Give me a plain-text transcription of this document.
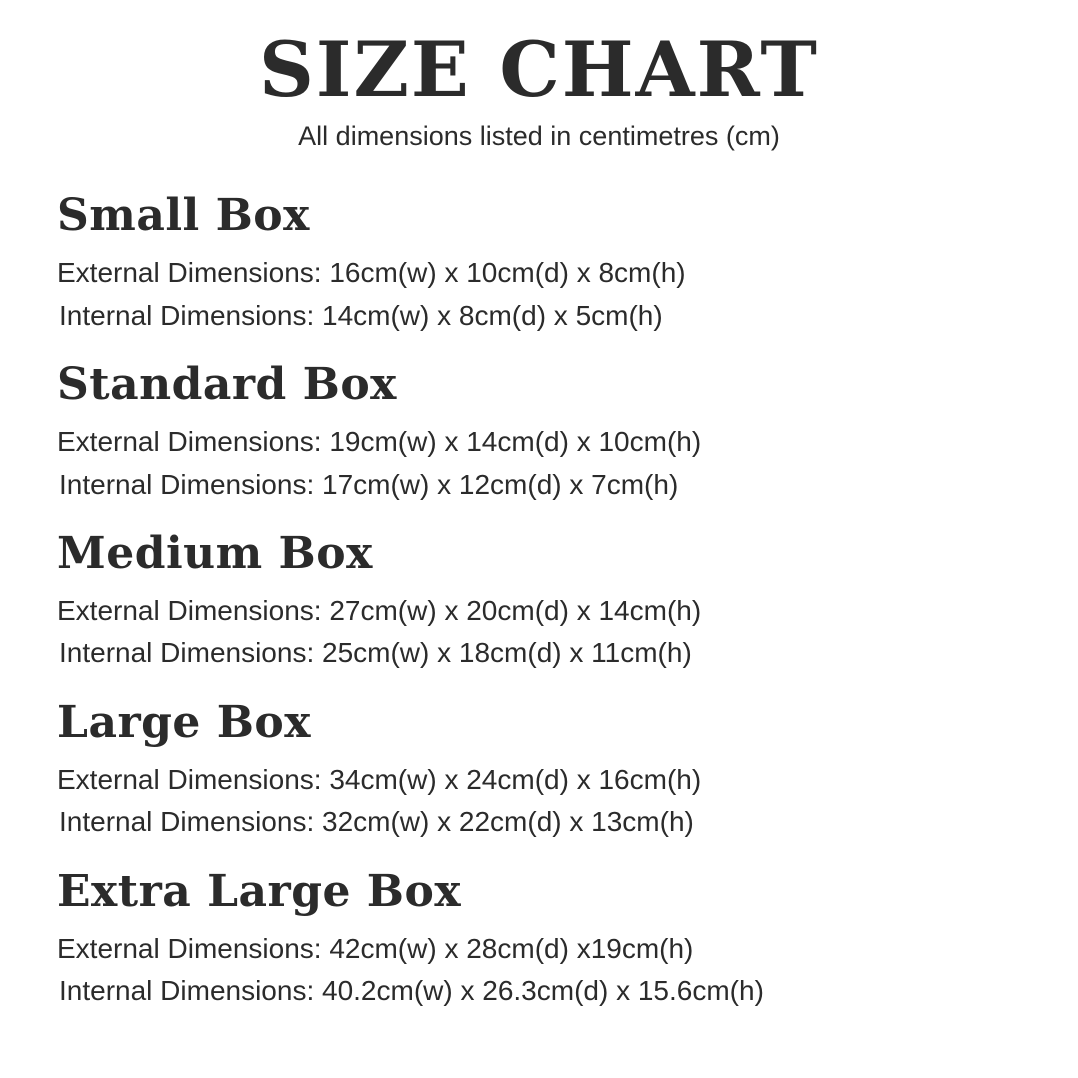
SIZE CHART

All dimensions listed in centimetres (cm)

Small Box

External Dimensions: 16cm(w) x 10cm(d) x 8cm(h)

Internal Dimensions: 14cm(w) x 8cm(d) x 5cm(h)

Standard Box

External Dimensions: 19cm(w) x 14cm(d) x 10cm(h)

Internal Dimensions: 17cm(w) x 12cm(d) x 7cm(h)

Medium Box

External Dimensions: 27cm(w) x 20cm(d) x 14cm(h)

Internal Dimensions: 25cm(w) x 18cm(d) x 11cm(h)

Large Box

External Dimensions: 34cm(w) x 24cm(d) x 16cm(h)

Internal Dimensions: 32cm(w) x 22cm(d) x 13cm(h)

Extra Large Box

External Dimensions: 42cm(w) x 28cm(d) x19cm(h)

Internal Dimensions: 40.2cm(w) x 26.3cm(d) x 15.6cm(h)
